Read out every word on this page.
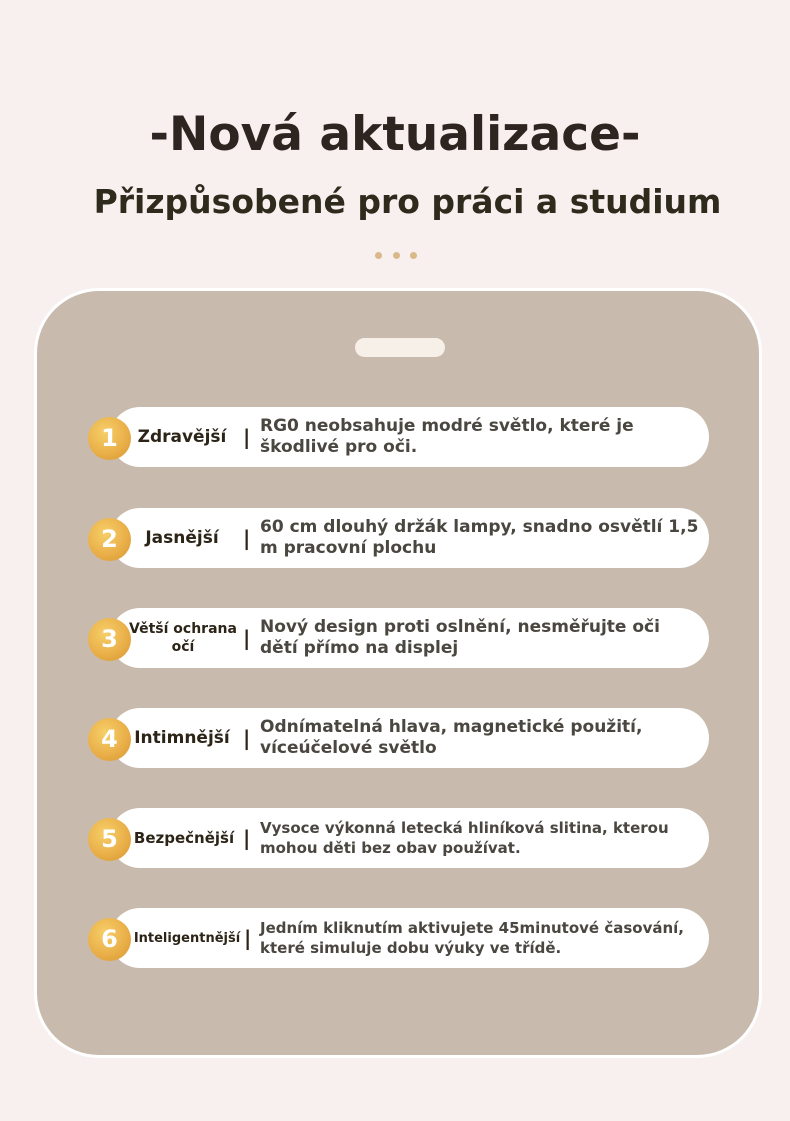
-Nová aktualizace-
Přizpůsobené pro práci a studium
1	Zdravější | RG0 neobsahuje modré světlo, které je škodlivé pro oči.
2	Jasnější	| 60 cm dlouhý držák lampy, snadno osvětlí 1,5 m pracovní plochu
3 Větší ochrana očí	| Nový design proti oslnění, nesměřujte oči dětí přímo na displej
4 Intimnější | Odnímatelná hlava, magnetické použití, víceúčelové světlo
5	Bezpečnější | Vysoce výkonná letecká hliníková slitina, kterou mohou děti bez obav používat.
6	Inteligentnější | Jedním kliknutím aktivujete 45minutové časování, které simuluje dobu výuky ve třídě.
